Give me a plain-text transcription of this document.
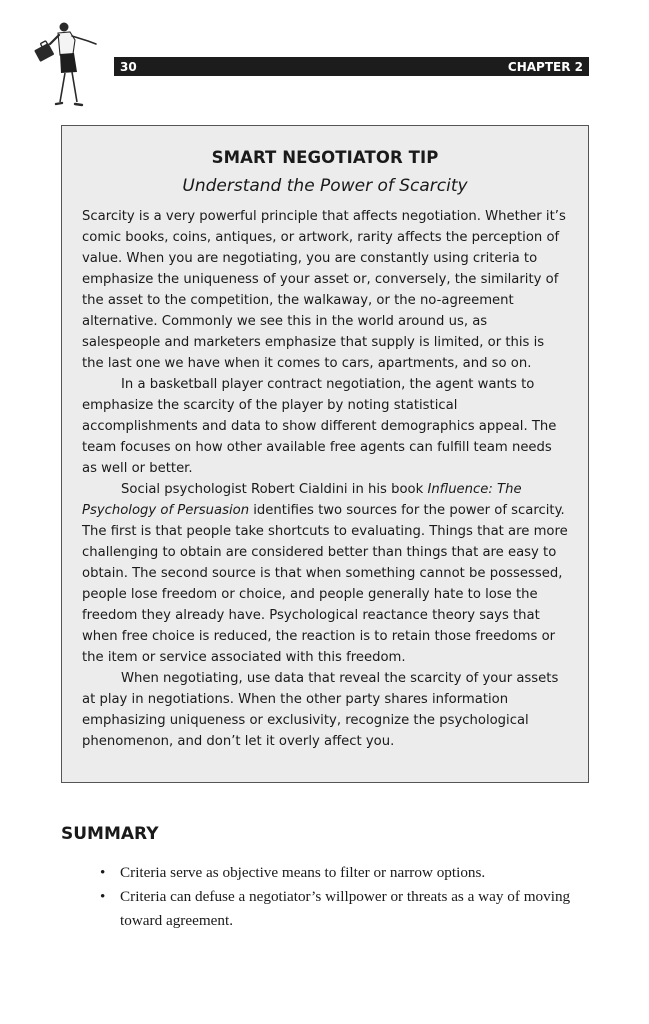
30	CHAPTER 2
SMART NEGOTIATOR TIP
Understand the Power of Scarcity

Scarcity is a very powerful principle that affects negotiation. Whether it’s comic books, coins, antiques, or artwork, rarity affects the perception of value. When you are negotiating, you are constantly using criteria to emphasize the uniqueness of your asset or, conversely, the similarity of the asset to the competition, the walkaway, or the no-agreement alternative. Commonly we see this in the world around us, as salespeople and marketers emphasize that supply is limited, or this is the last one we have when it comes to cars, apartments, and so on.

In a basketball player contract negotiation, the agent wants to emphasize the scarcity of the player by noting statistical accomplishments and data to show different demographics appeal. The team focuses on how other available free agents can fulfill team needs as well or better.

Social psychologist Robert Cialdini in his book Influence: The Psychology of Persuasion identifies two sources for the power of scarcity. The first is that people take shortcuts to evaluating. Things that are more challenging to obtain are considered better than things that are easy to obtain. The second source is that when something cannot be possessed, people lose freedom or choice, and people generally hate to lose the freedom they already have. Psychological reactance theory says that when free choice is reduced, the reaction is to retain those freedoms or the item or service associated with this freedom.

When negotiating, use data that reveal the scarcity of your assets at play in negotiations. When the other party shares information emphasizing uniqueness or exclusivity, recognize the psychological phenomenon, and don’t let it overly affect you.

SUMMARY
• Criteria serve as objective means to filter or narrow options.
• Criteria can defuse a negotiator’s willpower or threats as a way of moving toward agreement.
